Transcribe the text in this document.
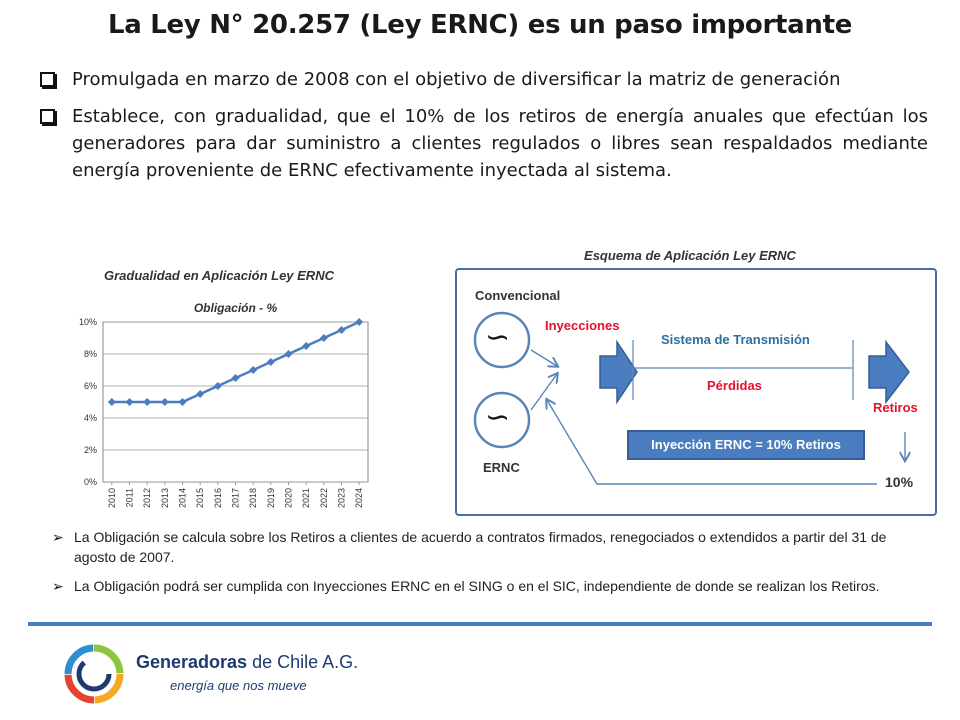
La Ley N° 20.257 (Ley ERNC) es un paso importante
Promulgada en marzo de 2008 con el objetivo de diversificar la matriz de generación
Establece, con gradualidad, que el 10% de los retiros de energía anuales que efectúan los generadores para dar suministro a clientes regulados o libres sean respaldados mediante energía proveniente de ERNC efectivamente inyectada al sistema.
Gradualidad en Aplicación Ley ERNC
Obligación - %
0%
2%
4%
6%
8%
10%
2010 2011 2012 2013 2014 2015 2016 2017 2018 2019 2020 2021 2022 2023 2024
Esquema de Aplicación Ley ERNC
∽
∽
Convencional
ERNC
Inyecciones
Sistema de Transmisión
Pérdidas
Retiros
Inyección ERNC = 10% Retiros
10%
➢ La Obligación se calcula sobre los Retiros a clientes de acuerdo a contratos firmados, renegociados o extendidos a partir del 31 de agosto de 2007.
➢ La Obligación podrá ser cumplida con Inyecciones ERNC en el SING o en el SIC, independiente de donde se realizan los Retiros.
Generadoras de Chile A.G.
energía que nos mueve
